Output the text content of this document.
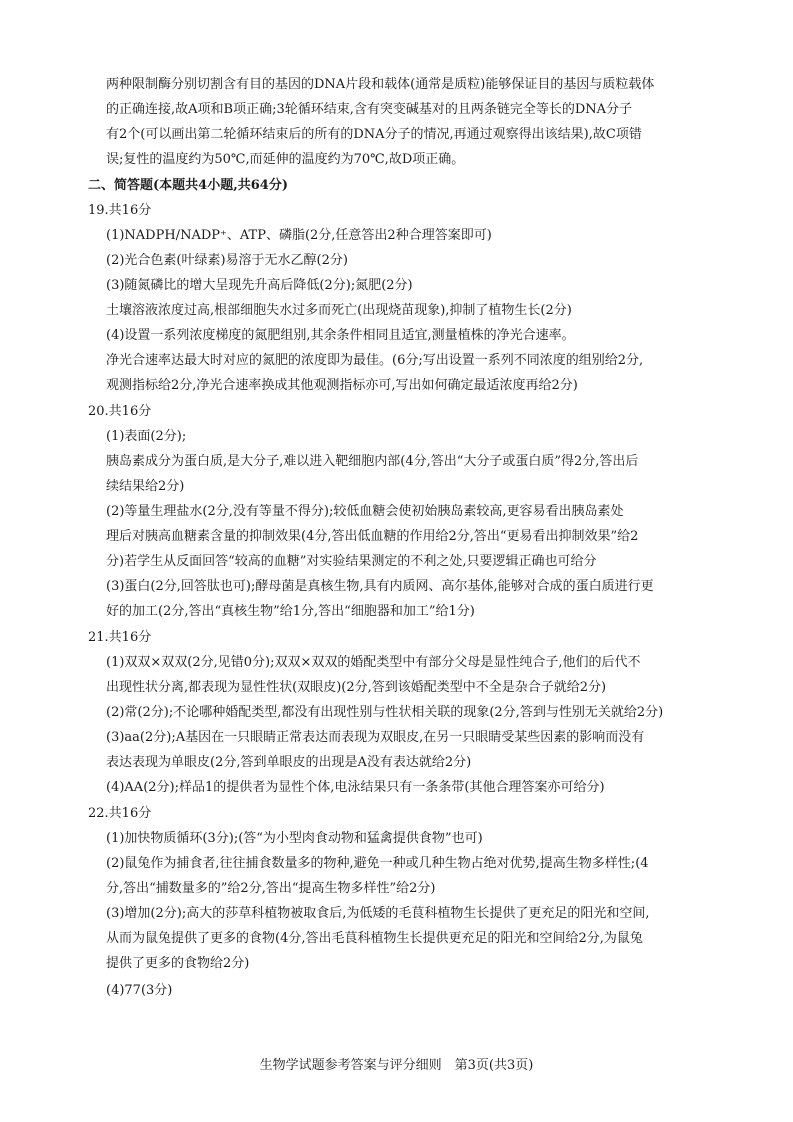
两种限制酶分别切割含有目的基因的DNA片段和载体(通常是质粒)能够保证目的基因与质粒载体
的正确连接,故A项和B项正确;3轮循环结束,含有突变碱基对的且两条链完全等长的DNA分子
有2个(可以画出第二轮循环结束后的所有的DNA分子的情况,再通过观察得出该结果),故C项错
误;复性的温度约为50℃,而延伸的温度约为70℃,故D项正确。
二、简答题(本题共4小题,共64分)
19.共16分
(1)NADPH/NADP⁺、ATP、磷脂(2分,任意答出2种合理答案即可)
(2)光合色素(叶绿素)易溶于无水乙醇(2分)
(3)随氮磷比的增大呈现先升高后降低(2分);氮肥(2分)
土壤溶液浓度过高,根部细胞失水过多而死亡(出现烧苗现象),抑制了植物生长(2分)
(4)设置一系列浓度梯度的氮肥组别,其余条件相同且适宜,测量植株的净光合速率。
净光合速率达最大时对应的氮肥的浓度即为最佳。(6分;写出设置一系列不同浓度的组别给2分,
观测指标给2分,净光合速率换成其他观测指标亦可,写出如何确定最适浓度再给2分)
20.共16分
(1)表面(2分);
胰岛素成分为蛋白质,是大分子,难以进入靶细胞内部(4分,答出“大分子或蛋白质”得2分,答出后
续结果给2分)
(2)等量生理盐水(2分,没有等量不得分);较低血糖会使初始胰岛素较高,更容易看出胰岛素处
理后对胰高血糖素含量的抑制效果(4分,答出低血糖的作用给2分,答出“更易看出抑制效果”给2
分)若学生从反面回答“较高的血糖”对实验结果测定的不利之处,只要逻辑正确也可给分
(3)蛋白(2分,回答肽也可);酵母菌是真核生物,具有内质网、高尔基体,能够对合成的蛋白质进行更
好的加工(2分,答出“真核生物”给1分,答出“细胞器和加工”给1分)
21.共16分
(1)双双×双双(2分,见错0分);双双×双双的婚配类型中有部分父母是显性纯合子,他们的后代不
出现性状分离,都表现为显性性状(双眼皮)(2分,答到该婚配类型中不全是杂合子就给2分)
(2)常(2分);不论哪种婚配类型,都没有出现性别与性状相关联的现象(2分,答到与性别无关就给2分)
(3)aa(2分);A基因在一只眼睛正常表达而表现为双眼皮,在另一只眼睛受某些因素的影响而没有
表达表现为单眼皮(2分,答到单眼皮的出现是A没有表达就给2分)
(4)AA(2分);样品1的提供者为显性个体,电泳结果只有一条条带(其他合理答案亦可给分)
22.共16分
(1)加快物质循环(3分);(答“为小型肉食动物和猛禽提供食物”也可)
(2)鼠兔作为捕食者,往往捕食数量多的物种,避免一种或几种生物占绝对优势,提高生物多样性;(4
分,答出“捕数量多的”给2分,答出“提高生物多样性”给2分)
(3)增加(2分);高大的莎草科植物被取食后,为低矮的毛茛科植物生长提供了更充足的阳光和空间,
从而为鼠兔提供了更多的食物(4分,答出毛茛科植物生长提供更充足的阳光和空间给2分,为鼠兔
提供了更多的食物给2分)
(4)77(3分)
生物学试题参考答案与评分细则　第3页(共3页)
